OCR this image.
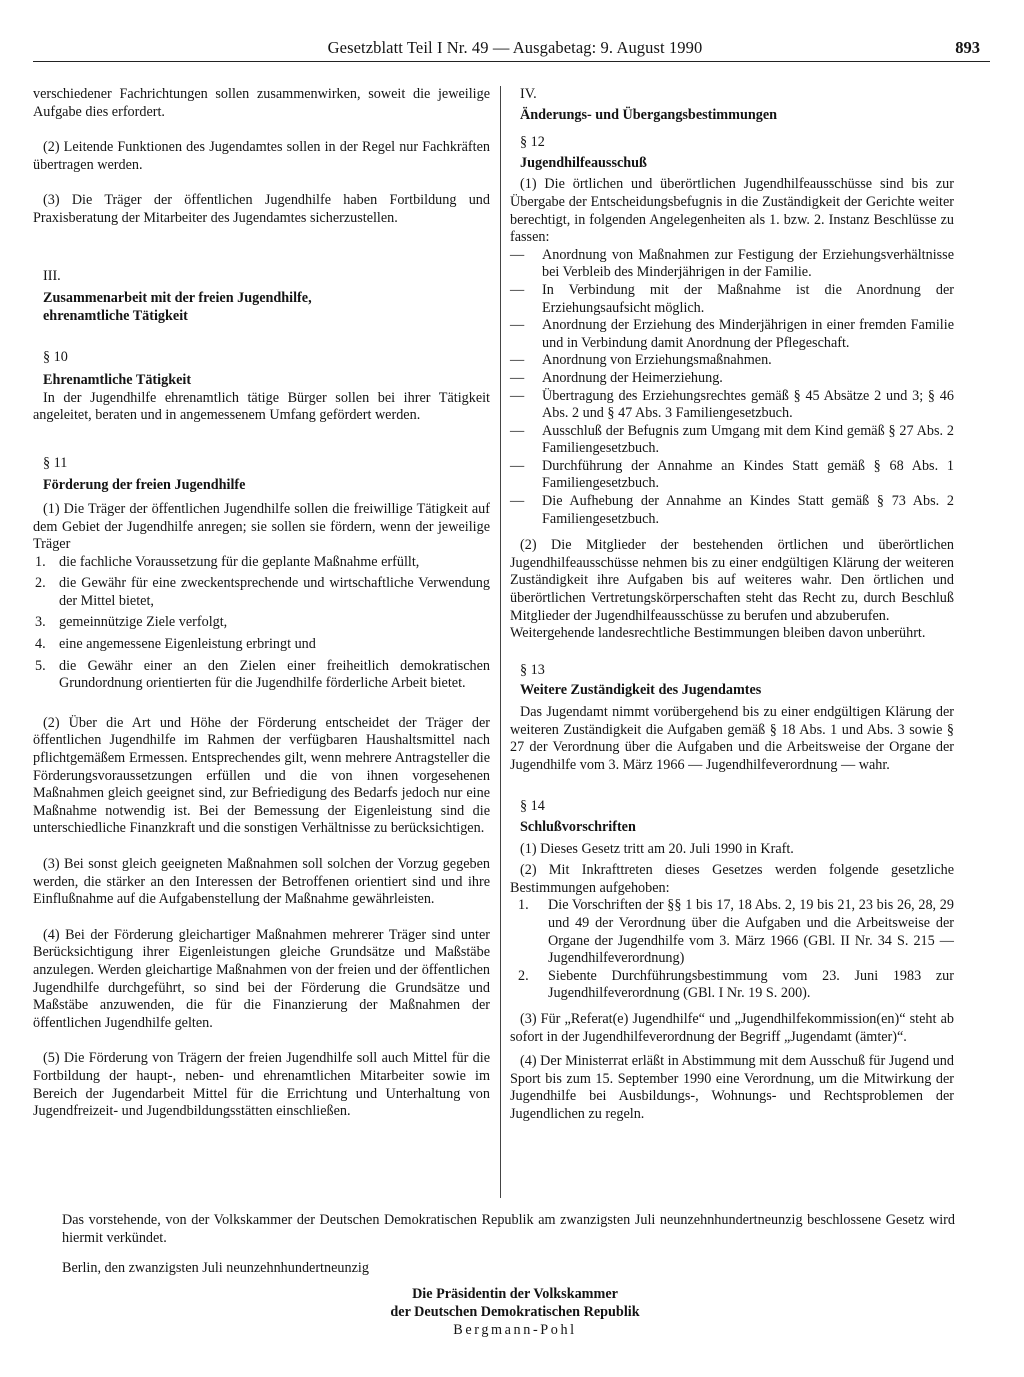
Gesetzblatt Teil I Nr. 49 — Ausgabetag: 9. August 1990	893

verschiedener Fachrichtungen sollen zusammenwirken, soweit die jeweilige Aufgabe dies erfordert.

(2) Leitende Funktionen des Jugendamtes sollen in der Regel nur Fachkräften übertragen werden.

(3) Die Träger der öffentlichen Jugendhilfe haben Fortbildung und Praxisberatung der Mitarbeiter des Jugendamtes sicherzustellen.

III.

Zusammenarbeit mit der freien Jugendhilfe,

ehrenamtliche Tätigkeit

§ 10

Ehrenamtliche Tätigkeit

In der Jugendhilfe ehrenamtlich tätige Bürger sollen bei ihrer Tätigkeit angeleitet, beraten und in angemessenem Umfang gefördert werden.

§ 11

Förderung der freien Jugendhilfe

(1) Die Träger der öffentlichen Jugendhilfe sollen die freiwillige Tätigkeit auf dem Gebiet der Jugendhilfe anregen; sie sollen sie fördern, wenn der jeweilige Träger

1. die fachliche Voraussetzung für die geplante Maßnahme erfüllt,
2. die Gewähr für eine zweckentsprechende und wirtschaftliche Verwendung der Mittel bietet,
3. gemeinnützige Ziele verfolgt,
4. eine angemessene Eigenleistung erbringt und
5. die Gewähr einer an den Zielen einer freiheitlich demokratischen Grundordnung orientierten für die Jugendhilfe förderliche Arbeit bietet.

(2) Über die Art und Höhe der Förderung entscheidet der Träger der öffentlichen Jugendhilfe im Rahmen der verfügbaren Haushaltsmittel nach pflichtgemäßem Ermessen. Entsprechendes gilt, wenn mehrere Antragsteller die Förderungsvoraussetzungen erfüllen und die von ihnen vorgesehenen Maßnahmen gleich geeignet sind, zur Befriedigung des Bedarfs jedoch nur eine Maßnahme notwendig ist. Bei der Bemessung der Eigenleistung sind die unterschiedliche Finanzkraft und die sonstigen Verhältnisse zu berücksichtigen.

(3) Bei sonst gleich geeigneten Maßnahmen soll solchen der Vorzug gegeben werden, die stärker an den Interessen der Betroffenen orientiert sind und ihre Einflußnahme auf die Aufgabenstellung der Maßnahme gewährleisten.

(4) Bei der Förderung gleichartiger Maßnahmen mehrerer Träger sind unter Berücksichtigung ihrer Eigenleistungen gleiche Grundsätze und Maßstäbe anzulegen. Werden gleichartige Maßnahmen von der freien und der öffentlichen Jugendhilfe durchgeführt, so sind bei der Förderung die Grundsätze und Maßstäbe anzuwenden, die für die Finanzierung der Maßnahmen der öffentlichen Jugendhilfe gelten.

(5) Die Förderung von Trägern der freien Jugendhilfe soll auch Mittel für die Fortbildung der haupt-, neben- und ehrenamtlichen Mitarbeiter sowie im Bereich der Jugendarbeit Mittel für die Errichtung und Unterhaltung von Jugendfreizeit- und Jugendbildungsstätten einschließen.

IV.

Änderungs- und Übergangsbestimmungen

§ 12

Jugendhilfeausschuß

(1) Die örtlichen und überörtlichen Jugendhilfeausschüsse sind bis zur Übergabe der Entscheidungsbefugnis in die Zuständigkeit der Gerichte weiter berechtigt, in folgenden Angelegenheiten als 1. bzw. 2. Instanz Beschlüsse zu fassen:

—	Anordnung von Maßnahmen zur Festigung der Erziehungsverhältnisse bei Verbleib des Minderjährigen in der Familie.
—	In Verbindung mit der Maßnahme ist die Anordnung der Erziehungsaufsicht möglich.
—	Anordnung der Erziehung des Minderjährigen in einer fremden Familie und in Verbindung damit Anordnung der Pflegeschaft.
—	Anordnung von Erziehungsmaßnahmen.
—	Anordnung der Heimerziehung.
—	Übertragung des Erziehungsrechtes gemäß § 45 Absätze 2 und 3; § 46 Abs. 2 und § 47 Abs. 3 Familiengesetzbuch.
—	Ausschluß der Befugnis zum Umgang mit dem Kind gemäß § 27 Abs. 2 Familiengesetzbuch.
—	Durchführung der Annahme an Kindes Statt gemäß § 68 Abs. 1 Familiengesetzbuch.
—	Die Aufhebung der Annahme an Kindes Statt gemäß § 73 Abs. 2 Familiengesetzbuch.

(2) Die Mitglieder der bestehenden örtlichen und überörtlichen Jugendhilfeausschüsse nehmen bis zu einer endgültigen Klärung der weiteren Zuständigkeit ihre Aufgaben bis auf weiteres wahr. Den örtlichen und überörtlichen Vertretungskörperschaften steht das Recht zu, durch Beschluß Mitglieder der Jugendhilfeausschüsse zu berufen und abzuberufen.

Weitergehende landesrechtliche Bestimmungen bleiben davon unberührt.

§ 13

Weitere Zuständigkeit des Jugendamtes

Das Jugendamt nimmt vorübergehend bis zu einer endgültigen Klärung der weiteren Zuständigkeit die Aufgaben gemäß § 18 Abs. 1 und Abs. 3 sowie § 27 der Verordnung über die Aufgaben und die Arbeitsweise der Organe der Jugendhilfe vom 3. März 1966 — Jugendhilfeverordnung — wahr.

§ 14

Schlußvorschriften

(1) Dieses Gesetz tritt am 20. Juli 1990 in Kraft.

(2) Mit Inkrafttreten dieses Gesetzes werden folgende gesetzliche Bestimmungen aufgehoben:

1.	Die Vorschriften der §§ 1 bis 17, 18 Abs. 2, 19 bis 21, 23 bis 26, 28, 29 und 49 der Verordnung über die Aufgaben und die Arbeitsweise der Organe der Jugendhilfe vom 3. März 1966 (GBl. II Nr. 34 S. 215 — Jugendhilfeverordnung)
2.	Siebente Durchführungsbestimmung vom 23. Juni 1983 zur Jugendhilfeverordnung (GBl. I Nr. 19 S. 200).

(3) Für „Referat(e) Jugendhilfe“ und „Jugendhilfekommission(en)“ steht ab sofort in der Jugendhilfeverordnung der Begriff „Jugendamt (ämter)“.

(4) Der Ministerrat erläßt in Abstimmung mit dem Ausschuß für Jugend und Sport bis zum 15. September 1990 eine Verordnung, um die Mitwirkung der Jugendhilfe bei Ausbildungs-, Wohnungs- und Rechtsproblemen der Jugendlichen zu regeln.

Das vorstehende, von der Volkskammer der Deutschen Demokratischen Republik am zwanzigsten Juli neunzehnhundertneunzig beschlossene Gesetz wird hiermit verkündet.

Berlin, den zwanzigsten Juli neunzehnhundertneunzig

Die Präsidentin der Volkskammer
der Deutschen Demokratischen Republik
Bergmann-Pohl
